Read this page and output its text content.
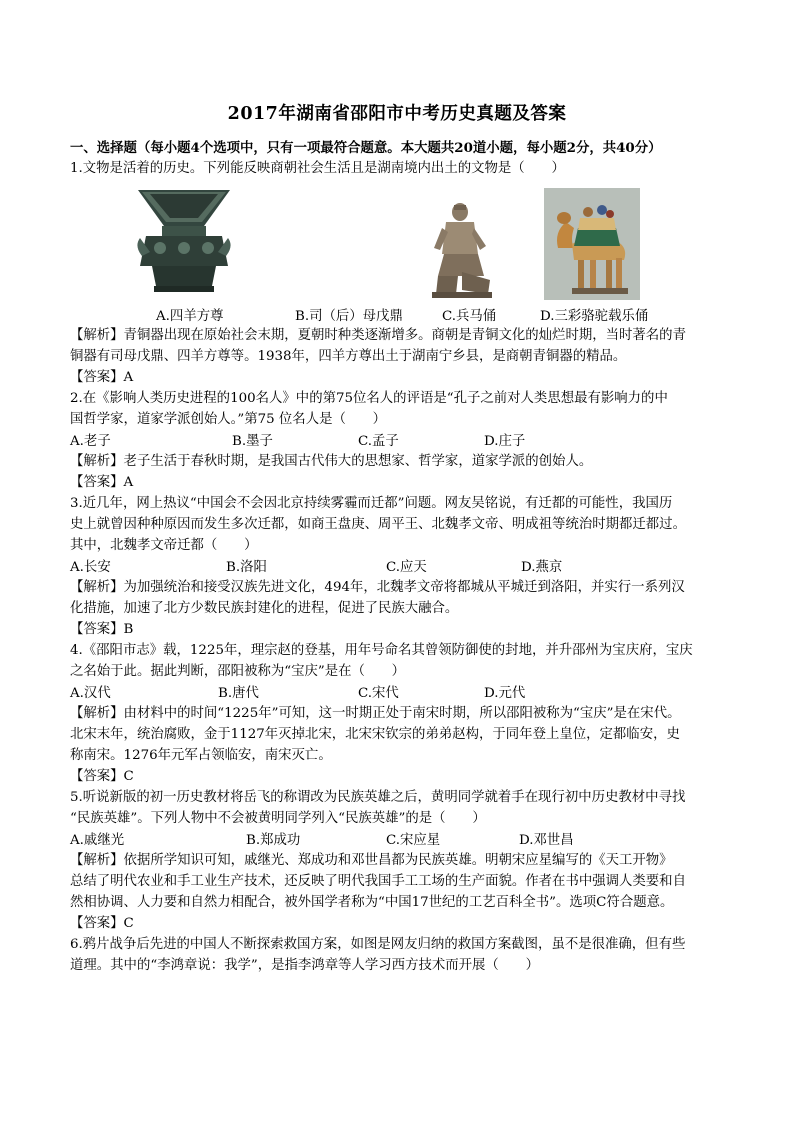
2017年湖南省邵阳市中考历史真题及答案
一、选择题（每小题4个选项中，只有一项最符合题意。本大题共20道小题，每小题2分，共40分）
1.文物是活着的历史。下列能反映商朝社会生活且是湖南境内出土的文物是（　　）
A.四羊方尊	B.司（后）母戊鼎	C.兵马俑	D.三彩骆驼载乐俑
【解析】青铜器出现在原始社会末期，夏朝时种类逐渐增多。商朝是青铜文化的灿烂时期，当时著名的青
铜器有司母戊鼎、四羊方尊等。1938年，四羊方尊出土于湖南宁乡县，是商朝青铜器的精品。
【答案】A
2.在《影响人类历史进程的100名人》中的第75位名人的评语是“孔子之前对人类思想最有影响力的中
国哲学家，道家学派创始人。”第75 位名人是（　　）
A.老子	B.墨子	C.孟子	D.庄子
【解析】老子生活于春秋时期，是我国古代伟大的思想家、哲学家，道家学派的创始人。
【答案】A
3.近几年，网上热议“中国会不会因北京持续雾霾而迁都”问题。网友吴铭说，有迁都的可能性，我国历
史上就曾因种种原因而发生多次迁都，如商王盘庚、周平王、北魏孝文帝、明成祖等统治时期都迁都过。
其中，北魏孝文帝迁都（　　）
A.长安	B.洛阳	C.应天	D.燕京
【解析】为加强统治和接受汉族先进文化，494年，北魏孝文帝将都城从平城迁到洛阳，并实行一系列汉
化措施，加速了北方少数民族封建化的进程，促进了民族大融合。
【答案】B
4.《邵阳市志》载，1225年，理宗赵的登基，用年号命名其曾领防御使的封地，并升邵州为宝庆府，宝庆
之名始于此。据此判断，邵阳被称为“宝庆”是在（　　）
A.汉代	B.唐代	C.宋代	D.元代
【解析】由材料中的时间“1225年”可知，这一时期正处于南宋时期，所以邵阳被称为“宝庆”是在宋代。
北宋末年，统治腐败，金于1127年灭掉北宋，北宋宋钦宗的弟弟赵构，于同年登上皇位，定都临安，史
称南宋。1276年元军占领临安，南宋灭亡。
【答案】C
5.听说新版的初一历史教材将岳飞的称谓改为民族英雄之后，黄明同学就着手在现行初中历史教材中寻找
“民族英雄”。下列人物中不会被黄明同学列入“民族英雄”的是（　　）
A.戚继光	B.郑成功	C.宋应星	D.邓世昌
【解析】依据所学知识可知，戚继光、郑成功和邓世昌都为民族英雄。明朝宋应星编写的《天工开物》
总结了明代农业和手工业生产技术，还反映了明代我国手工工场的生产面貌。作者在书中强调人类要和自
然相协调、人力要和自然力相配合，被外国学者称为“中国17世纪的工艺百科全书”。选项C符合题意。
【答案】C
6.鸦片战争后先进的中国人不断探索救国方案，如图是网友归纳的救国方案截图，虽不是很准确，但有些
道理。其中的“李鸿章说：我学”，是指李鸿章等人学习西方技术而开展（　　）
